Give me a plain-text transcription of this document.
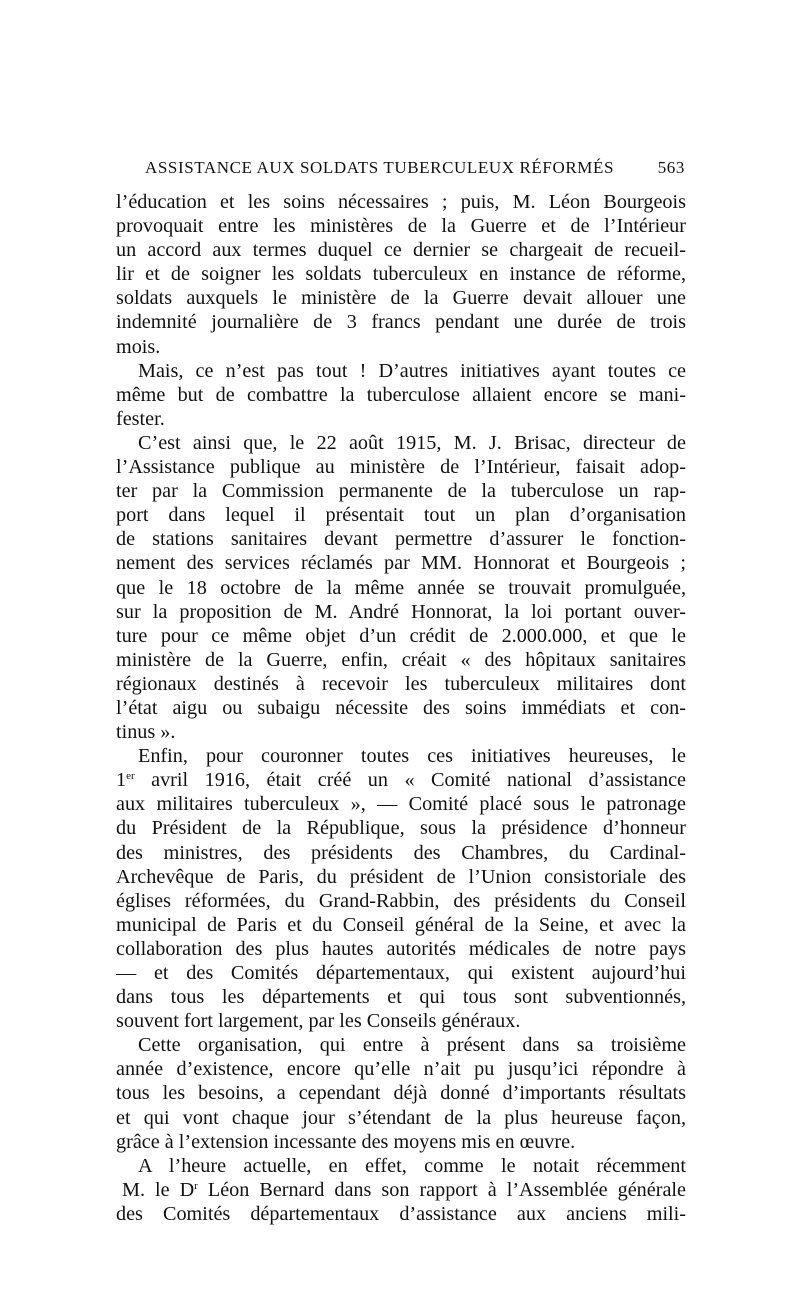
ASSISTANCE AUX SOLDATS TUBERCULEUX RÉFORMÉS	563
l’éducation et les soins nécessaires ; puis, M. Léon Bourgeois
provoquait entre les ministères de la Guerre et de l’Intérieur
un accord aux termes duquel ce dernier se chargeait de recueil-
lir et de soigner les soldats tuberculeux en instance de réforme,
soldats auxquels le ministère de la Guerre devait allouer une
indemnité journalière de 3 francs pendant une durée de trois
mois.
Mais, ce n’est pas tout ! D’autres initiatives ayant toutes ce
même but de combattre la tuberculose allaient encore se mani-
fester.
C’est ainsi que, le 22 août 1915, M. J. Brisac, directeur de
l’Assistance publique au ministère de l’Intérieur, faisait adop-
ter par la Commission permanente de la tuberculose un rap-
port dans lequel il présentait tout un plan d’organisation
de stations sanitaires devant permettre d’assurer le fonction-
nement des services réclamés par MM. Honnorat et Bourgeois ;
que le 18 octobre de la même année se trouvait promulguée,
sur la proposition de M. André Honnorat, la loi portant ouver-
ture pour ce même objet d’un crédit de 2.000.000, et que le
ministère de la Guerre, enfin, créait « des hôpitaux sanitaires
régionaux destinés à recevoir les tuberculeux militaires dont
l’état aigu ou subaigu nécessite des soins immédiats et con-
tinus ».
Enfin, pour couronner toutes ces initiatives heureuses, le
1er avril 1916, était créé un « Comité national d’assistance
aux militaires tuberculeux », — Comité placé sous le patronage
du Président de la République, sous la présidence d’honneur
des ministres, des présidents des Chambres, du Cardinal-
Archevêque de Paris, du président de l’Union consistoriale des
églises réformées, du Grand-Rabbin, des présidents du Conseil
municipal de Paris et du Conseil général de la Seine, et avec la
collaboration des plus hautes autorités médicales de notre pays
— et des Comités départementaux, qui existent aujourd’hui
dans tous les départements et qui tous sont subventionnés,
souvent fort largement, par les Conseils généraux.
Cette organisation, qui entre à présent dans sa troisième
année d’existence, encore qu’elle n’ait pu jusqu’ici répondre à
tous les besoins, a cependant déjà donné d’importants résultats
et qui vont chaque jour s’étendant de la plus heureuse façon,
grâce à l’extension incessante des moyens mis en œuvre.
A l’heure actuelle, en effet, comme le notait récemment
M. le $D^r$ Léon Bernard dans son rapport à l’Assemblée générale
des Comités départementaux d’assistance aux anciens mili-
